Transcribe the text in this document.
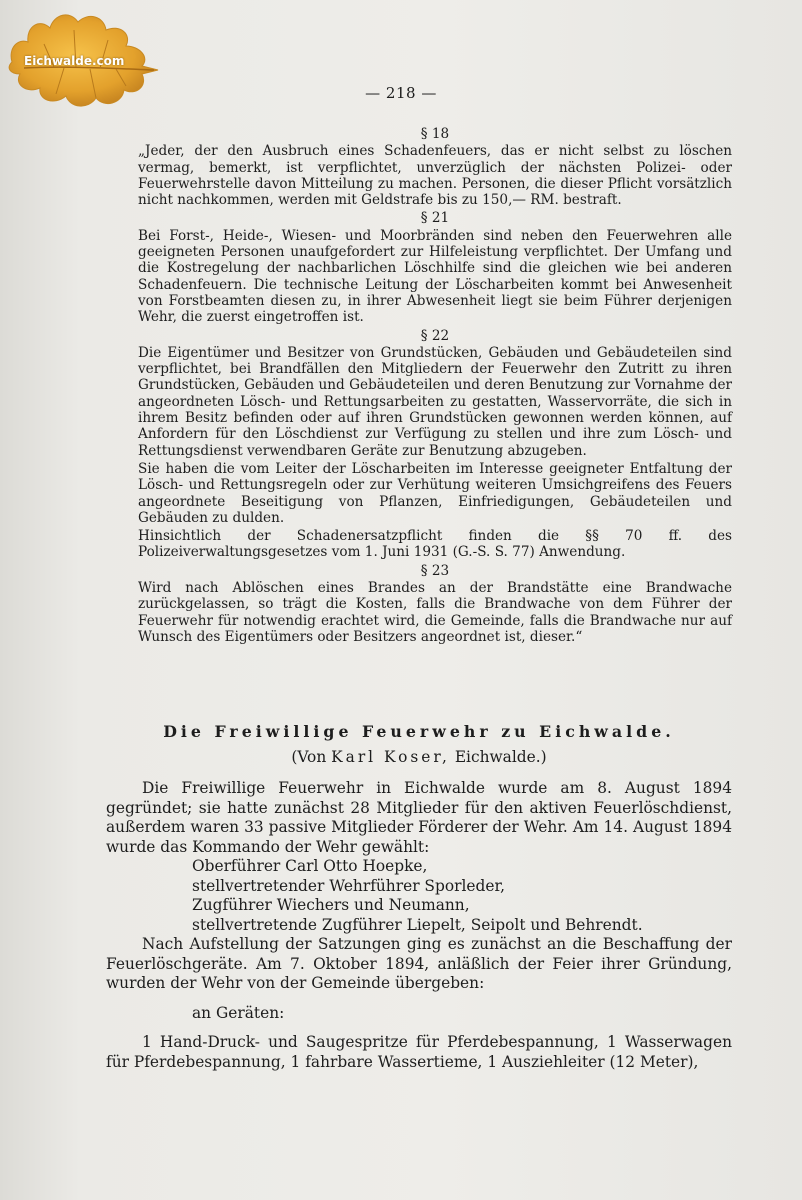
Eichwalde.com
— 218 —
§ 18

„Jeder, der den Ausbruch eines Schadenfeuers, das er nicht selbst zu löschen vermag, bemerkt, ist verpflichtet, unverzüglich der nächsten Polizei- oder Feuerwehrstelle davon Mitteilung zu machen. Personen, die dieser Pflicht vorsätzlich nicht nachkommen, werden mit Geldstrafe bis zu 150,— RM. bestraft.

§ 21

Bei Forst-, Heide-, Wiesen- und Moorbränden sind neben den Feuerwehren alle geeigneten Personen unaufgefordert zur Hilfeleistung verpflichtet. Der Umfang und die Kostregelung der nachbarlichen Löschhilfe sind die gleichen wie bei anderen Schadenfeuern. Die technische Leitung der Löscharbeiten kommt bei Anwesenheit von Forstbeamten diesen zu, in ihrer Abwesenheit liegt sie beim Führer derjenigen Wehr, die zuerst eingetroffen ist.

§ 22

Die Eigentümer und Besitzer von Grundstücken, Gebäuden und Gebäudeteilen sind verpflichtet, bei Brandfällen den Mitgliedern der Feuerwehr den Zutritt zu ihren Grundstücken, Gebäuden und Gebäudeteilen und deren Benutzung zur Vornahme der angeordneten Lösch- und Rettungsarbeiten zu gestatten, Wasservorräte, die sich in ihrem Besitz befinden oder auf ihren Grundstücken gewonnen werden können, auf Anfordern für den Löschdienst zur Verfügung zu stellen und ihre zum Lösch- und Rettungsdienst verwendbaren Geräte zur Benutzung abzugeben.

Sie haben die vom Leiter der Löscharbeiten im Interesse geeigneter Entfaltung der Lösch- und Rettungsregeln oder zur Verhütung weiteren Umsichgreifens des Feuers angeordnete Beseitigung von Pflanzen, Einfriedigungen, Gebäudeteilen und Gebäuden zu dulden.

Hinsichtlich der Schadenersatzpflicht finden die §§ 70 ff. des Polizeiverwaltungsgesetzes vom 1. Juni 1931 (G.-S. S. 77) Anwendung.

§ 23

Wird nach Ablöschen eines Brandes an der Brandstätte eine Brandwache zurückgelassen, so trägt die Kosten, falls die Brandwache von dem Führer der Feuerwehr für notwendig erachtet wird, die Gemeinde, falls die Brandwache nur auf Wunsch des Eigentümers oder Besitzers angeordnet ist, dieser.“

Die Freiwillige Feuerwehr zu Eichwalde.
(Von Karl Koser, Eichwalde.)

Die Freiwillige Feuerwehr in Eichwalde wurde am 8. August 1894 gegründet; sie hatte zunächst 28 Mitglieder für den aktiven Feuerlöschdienst, außerdem waren 33 passive Mitglieder Förderer der Wehr. Am 14. August 1894 wurde das Kommando der Wehr gewählt:

Oberführer Carl Otto Hoepke,
stellvertretender Wehrführer Sporleder,
Zugführer Wiechers und Neumann,
stellvertretende Zugführer Liepelt, Seipolt und Behrendt.

Nach Aufstellung der Satzungen ging es zunächst an die Beschaffung der Feuerlöschgeräte. Am 7. Oktober 1894, anläßlich der Feier ihrer Gründung, wurden der Wehr von der Gemeinde übergeben:

an Geräten:

1 Hand-Druck- und Saugespritze für Pferdebespannung, 1 Wasserwagen für Pferdebespannung, 1 fahrbare Wassertieme, 1 Ausziehleiter (12 Meter),
